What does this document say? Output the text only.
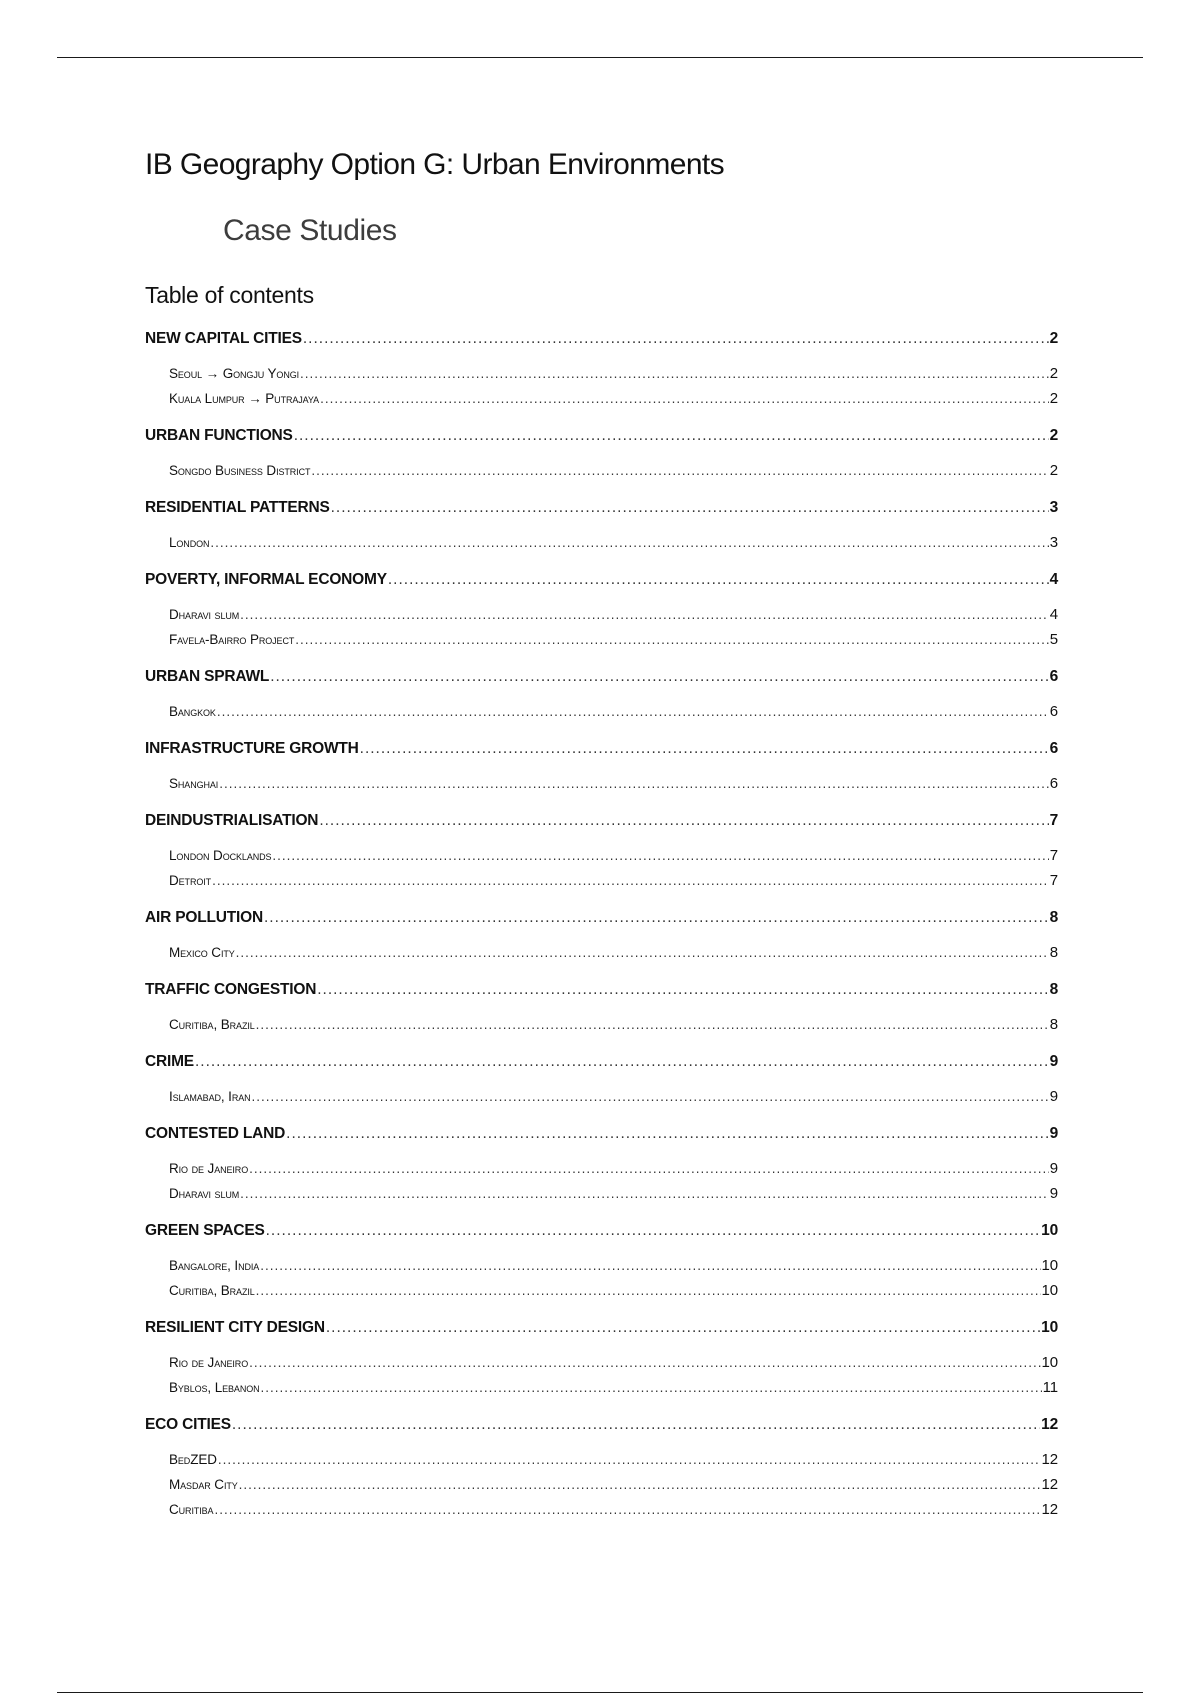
IB Geography Option G: Urban Environments
Case Studies
Table of contents
NEW CAPITAL CITIES .....	2
Seoul → Gongju Yongi .....	2
Kuala Lumpur → Putrajaya .....	2
URBAN FUNCTIONS .....	2
Songdo Business District .....	2
RESIDENTIAL PATTERNS .....	3
London .....	3
POVERTY, INFORMAL ECONOMY .....	4
Dharavi slum .....	4
Favela-Bairro Project .....	5
URBAN SPRAWL .....	6
Bangkok .....	6
INFRASTRUCTURE GROWTH .....	6
Shanghai .....	6
DEINDUSTRIALISATION .....	7
London Docklands .....	7
Detroit .....	7
AIR POLLUTION .....	8
Mexico City .....	8
TRAFFIC CONGESTION .....	8
Curitiba, Brazil .....	8
CRIME .....	9
Islamabad, Iran .....	9
CONTESTED LAND .....	9
Rio de Janeiro .....	9
Dharavi slum .....	9
GREEN SPACES .....	10
Bangalore, India .....	10
Curitiba, Brazil .....	10
RESILIENT CITY DESIGN .....	10
Rio de Janeiro .....	10
Byblos, Lebanon .....	11
ECO CITIES .....	12
BedZED .....	12
Masdar City .....	12
Curitiba .....	12
